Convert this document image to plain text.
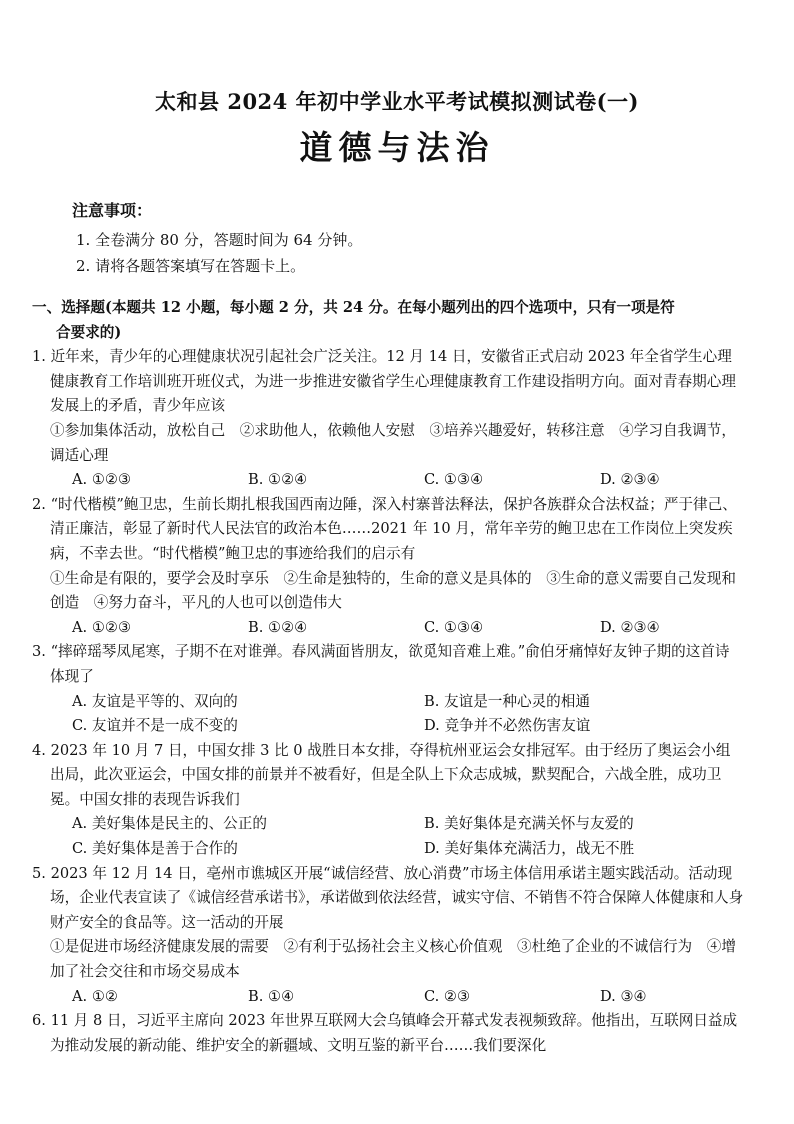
太和县 2024 年初中学业水平考试模拟测试卷(一)
道德与法治
注意事项：
1. 全卷满分 80 分，答题时间为 64 分钟。
2. 请将各题答案填写在答题卡上。
一、选择题(本题共 12 小题，每小题 2 分，共 24 分。在每小题列出的四个选项中，只有一项是符
合要求的)
1. 近年来，青少年的心理健康状况引起社会广泛关注。12 月 14 日，安徽省正式启动 2023 年全省学生心理健康教育工作培训班开班仪式，为进一步推进安徽省学生心理健康教育工作建设指明方向。面对青春期心理发展上的矛盾，青少年应该
①参加集体活动，放松自己　②求助他人，依赖他人安慰　③培养兴趣爱好，转移注意　④学习自我调节，调适心理
A. ①②③	B. ①②④	C. ①③④	D. ②③④
2. “时代楷模”鲍卫忠，生前长期扎根我国西南边陲，深入村寨普法释法，保护各族群众合法权益；严于律己、清正廉洁，彰显了新时代人民法官的政治本色……2021 年 10 月，常年辛劳的鲍卫忠在工作岗位上突发疾病，不幸去世。“时代楷模”鲍卫忠的事迹给我们的启示有
①生命是有限的，要学会及时享乐　②生命是独特的，生命的意义是具体的　③生命的意义需要自己发现和创造　④努力奋斗，平凡的人也可以创造伟大
A. ①②③	B. ①②④	C. ①③④	D. ②③④
3. “摔碎瑶琴凤尾寒，子期不在对谁弹。春风满面皆朋友，欲觅知音难上难。”俞伯牙痛悼好友钟子期的这首诗体现了
A. 友谊是平等的、双向的	B. 友谊是一种心灵的相通
C. 友谊并不是一成不变的	D. 竞争并不必然伤害友谊
4. 2023 年 10 月 7 日，中国女排 3 比 0 战胜日本女排，夺得杭州亚运会女排冠军。由于经历了奥运会小组出局，此次亚运会，中国女排的前景并不被看好，但是全队上下众志成城，默契配合，六战全胜，成功卫冕。中国女排的表现告诉我们
A. 美好集体是民主的、公正的	B. 美好集体是充满关怀与友爱的
C. 美好集体是善于合作的	D. 美好集体充满活力，战无不胜
5. 2023 年 12 月 14 日，亳州市谯城区开展“诚信经营、放心消费”市场主体信用承诺主题实践活动。活动现场，企业代表宣读了《诚信经营承诺书》，承诺做到依法经营，诚实守信、不销售不符合保障人体健康和人身财产安全的食品等。这一活动的开展
①是促进市场经济健康发展的需要　②有利于弘扬社会主义核心价值观　③杜绝了企业的不诚信行为　④增加了社会交往和市场交易成本
A. ①②	B. ①④	C. ②③	D. ③④
6. 11 月 8 日，习近平主席向 2023 年世界互联网大会乌镇峰会开幕式发表视频致辞。他指出，互联网日益成为推动发展的新动能、维护安全的新疆域、文明互鉴的新平台……我们要深化
